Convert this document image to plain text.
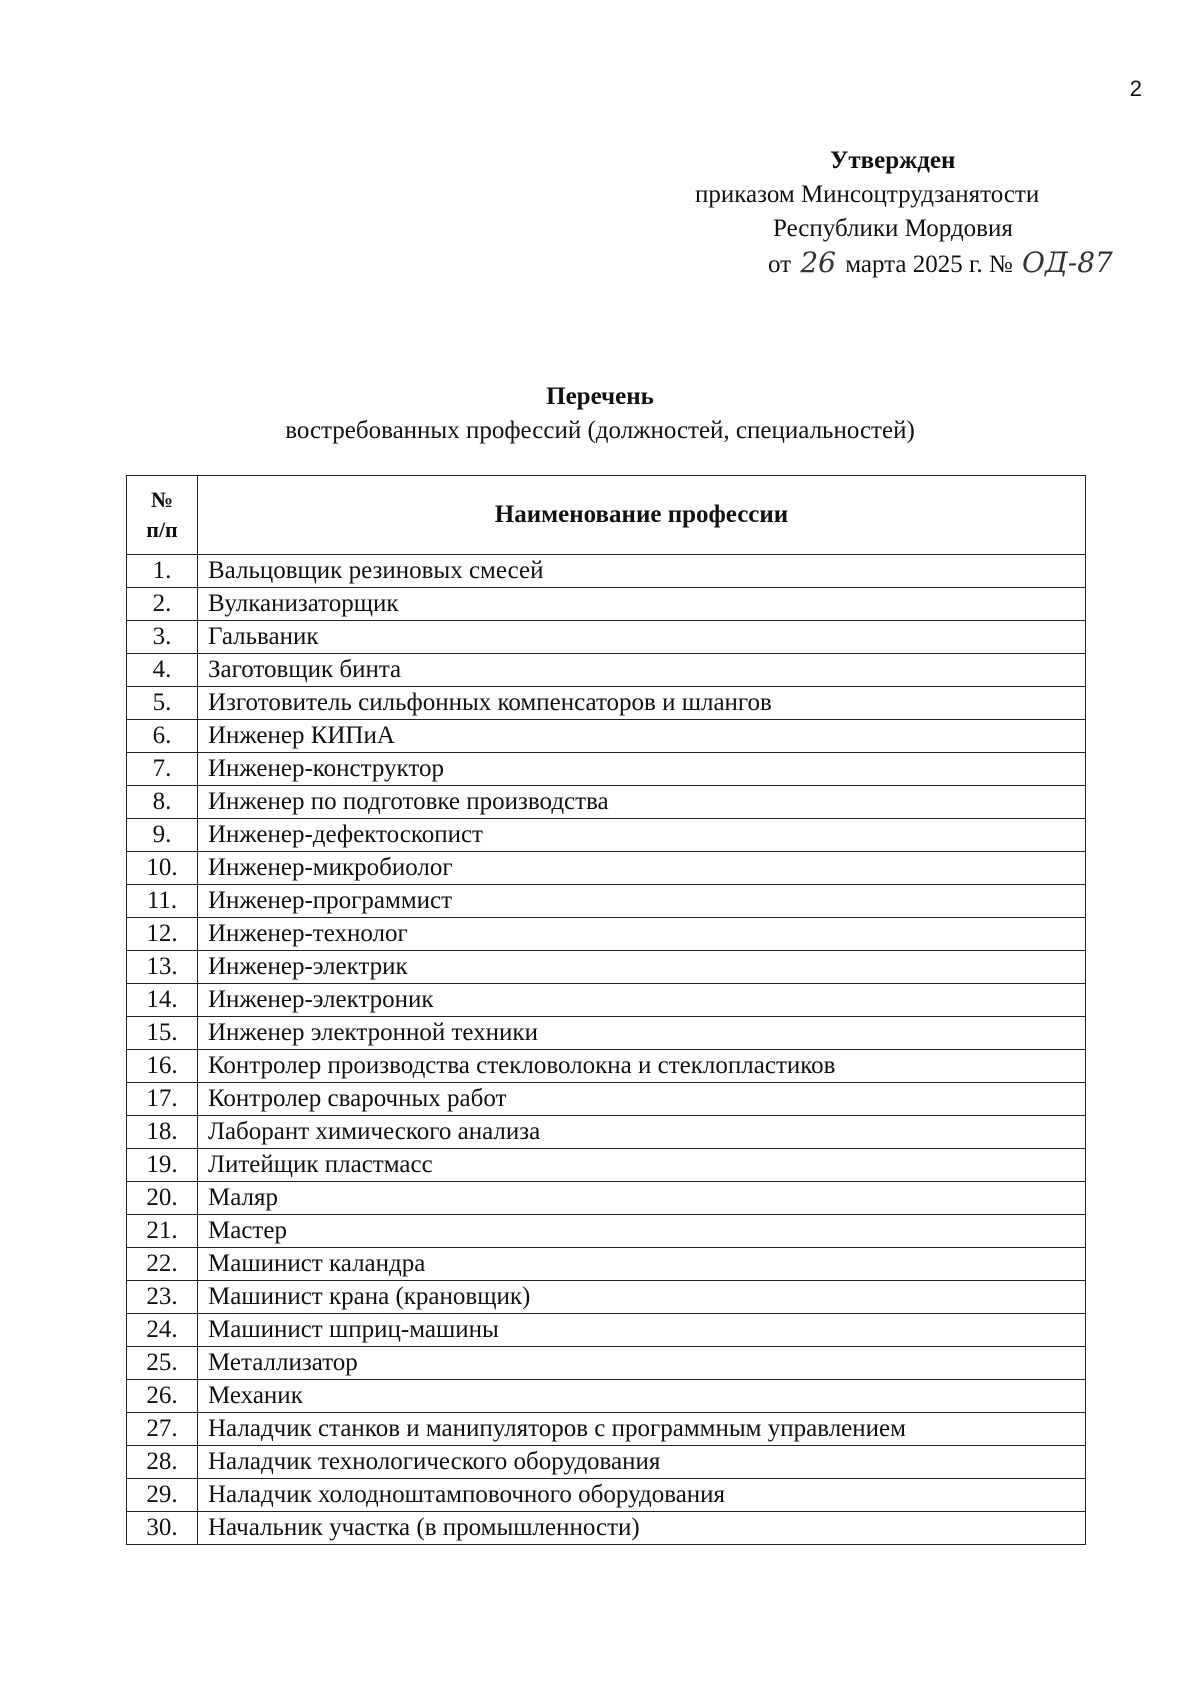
2
Утвержден
приказом Минсоцтрудзанятости
Республики Мордовия
от 26 марта 2025 г. № ОД-87
Перечень
востребованных профессий (должностей, специальностей)
№
п/п	Наименование профессии
1.	Вальцовщик резиновых смесей
2.	Вулканизаторщик
3.	Гальваник
4.	Заготовщик бинта
5.	Изготовитель сильфонных компенсаторов и шлангов
6.	Инженер КИПиА
7.	Инженер-конструктор
8.	Инженер по подготовке производства
9.	Инженер-дефектоскопист
10.	Инженер-микробиолог
11.	Инженер-программист
12.	Инженер-технолог
13.	Инженер-электрик
14.	Инженер-электроник
15.	Инженер электронной техники
16.	Контролер производства стекловолокна и стеклопластиков
17.	Контролер сварочных работ
18.	Лаборант химического анализа
19.	Литейщик пластмасс
20.	Маляр
21.	Мастер
22.	Машинист каландра
23.	Машинист крана (крановщик)
24.	Машинист шприц-машины
25.	Металлизатор
26.	Механик
27.	Наладчик станков и манипуляторов с программным управлением
28.	Наладчик технологического оборудования
29.	Наладчик холодноштамповочного оборудования
30.	Начальник участка (в промышленности)
